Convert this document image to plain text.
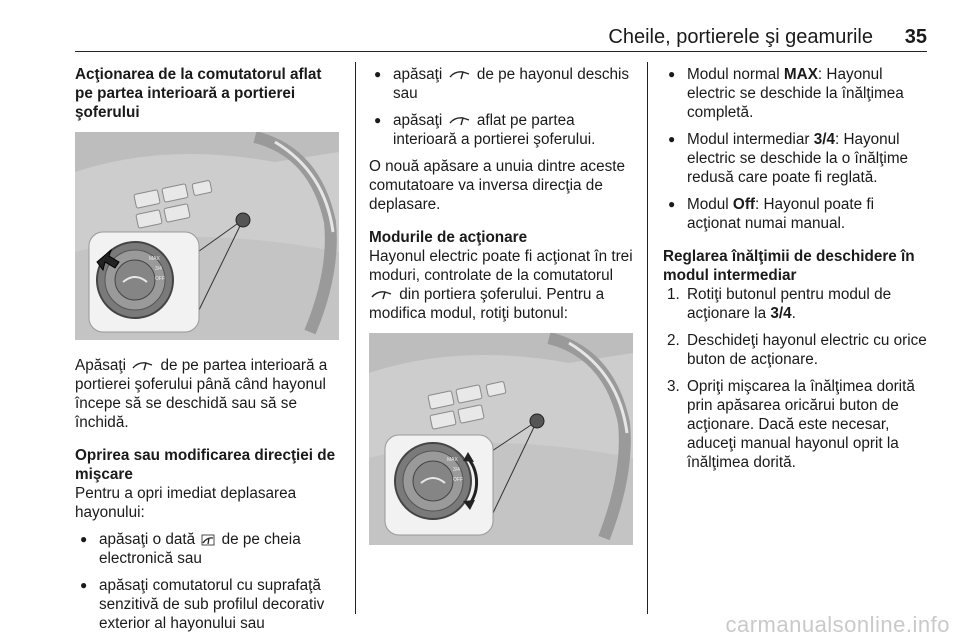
Cheile, portierele şi geamurile 35

Acţionarea de la comutatorul aflat pe partea interioară a portierei şoferului

MAX
3/4
OFF

Apăsaţi de pe partea interioară a portierei şoferului până când hayonul începe să se deschidă sau să se închidă.

Oprirea sau modificarea direcţiei de mişcare

Pentru a opri imediat deplasarea hayonului:

● apăsaţi o dată de pe cheia electronică sau
● apăsaţi comutatorul cu suprafaţă senzitivă de sub profilul decorativ exterior al hayonului sau
● apăsaţi de pe hayonul deschis sau
● apăsaţi aflat pe partea interioară a portierei şoferului.

O nouă apăsare a unuia dintre aceste comutatoare va inversa direcţia de deplasare.

Modurile de acţionare

Hayonul electric poate fi acţionat în trei moduri, controlate de la comutatorul  din portiera şoferului. Pentru a modifica modul, rotiţi butonul:

MAX
3/4
OFF
● Modul normal MAX: Hayonul electric se deschide la înălţimea completă.
● Modul intermediar 3/4: Hayonul electric se deschide la o înălţime redusă care poate fi reglată.
● Modul Off: Hayonul poate fi acţionat numai manual.

Reglarea înălţimii de deschidere în modul intermediar

1. Rotiţi butonul pentru modul de acţionare la 3/4.
2. Deschideţi hayonul electric cu orice buton de acţionare.
3. Opriţi mişcarea la înălţimea dorită prin apăsarea oricărui buton de acţionare. Dacă este necesar, aduceţi manual hayonul oprit la înălţimea dorită.
carmanualsonline.info
